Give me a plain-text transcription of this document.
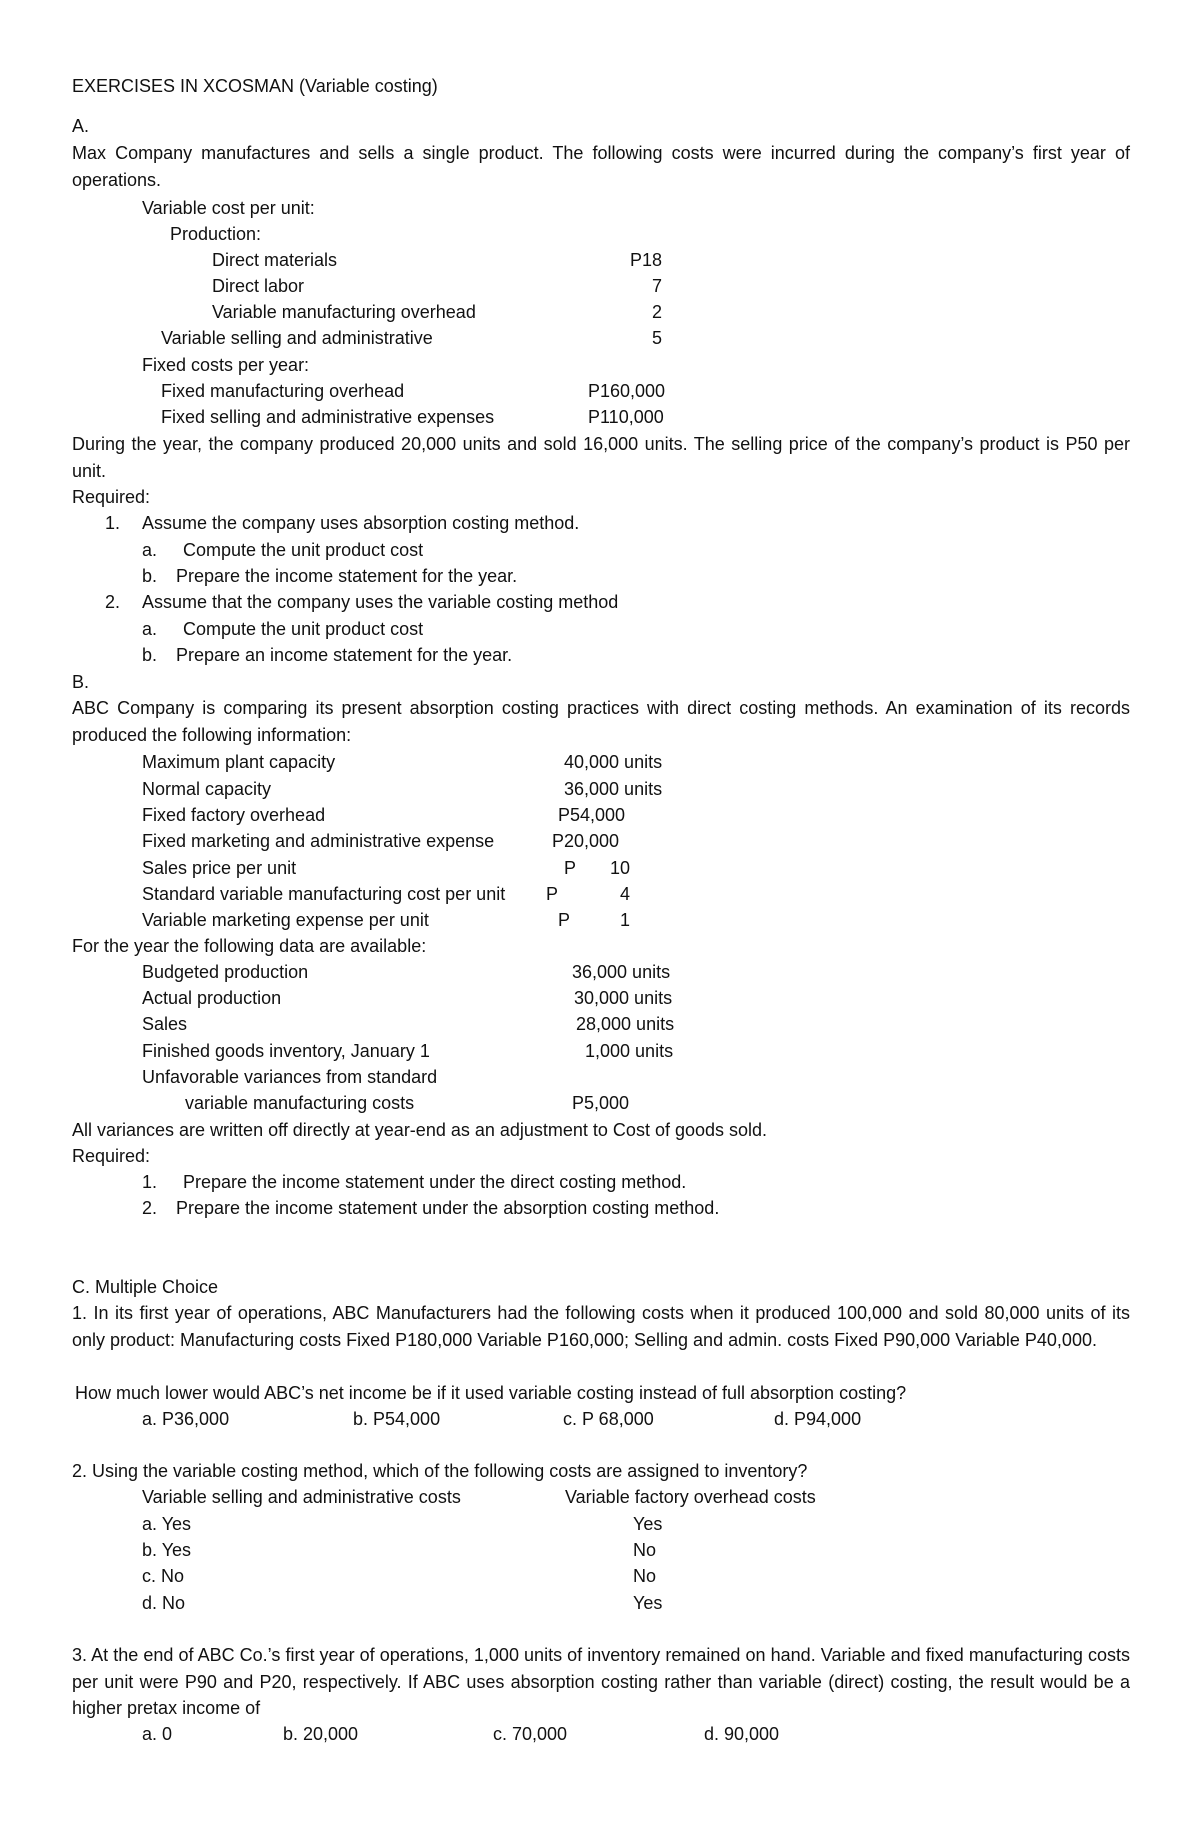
EXERCISES IN XCOSMAN (Variable costing)
A.
Max Company manufactures and sells a single product. The following costs were incurred during the company’s first year of operations.
Variable cost per unit:
Production:
Direct materials	P18
Direct labor	7
Variable manufacturing overhead	2
Variable selling and administrative	5
Fixed costs per year:
Fixed manufacturing overhead	P160,000
Fixed selling and administrative expenses	P110,000
During the year, the company produced 20,000 units and sold 16,000 units. The selling price of the company’s product is P50 per unit.
Required:
1. Assume the company uses absorption costing method.
a. Compute the unit product cost
b. Prepare the income statement for the year.
2. Assume that the company uses the variable costing method
a. Compute the unit product cost
b. Prepare an income statement for the year.
B.
ABC Company is comparing its present absorption costing practices with direct costing methods. An examination of its records produced the following information:
Maximum plant capacity	40,000 units
Normal capacity	36,000 units
Fixed factory overhead	P54,000
Fixed marketing and administrative expense	P20,000
Sales price per unit	P	10
Standard variable manufacturing cost per unit P	4
Variable marketing expense per unit	P	1
For the year the following data are available:
Budgeted production	36,000 units
Actual production	30,000 units
Sales	28,000 units
Finished goods inventory, January 1	1,000 units
Unfavorable variances from standard
variable manufacturing costs	P5,000
All variances are written off directly at year-end as an adjustment to Cost of goods sold.
Required:
1. Prepare the income statement under the direct costing method.
2. Prepare the income statement under the absorption costing method.
C. Multiple Choice
1. In its first year of operations, ABC Manufacturers had the following costs when it produced 100,000 and sold 80,000 units of its only product: Manufacturing costs Fixed P180,000 Variable P160,000; Selling and admin. costs Fixed P90,000 Variable P40,000.
How much lower would ABC’s net income be if it used variable costing instead of full absorption costing?
a. P36,000	b. P54,000	c. P 68,000	d. P94,000
2. Using the variable costing method, which of the following costs are assigned to inventory?
Variable selling and administrative costs	Variable factory overhead costs
a. Yes	Yes
b. Yes	No
c. No	No
d. No	Yes
3. At the end of ABC Co.’s first year of operations, 1,000 units of inventory remained on hand. Variable and fixed manufacturing costs per unit were P90 and P20, respectively. If ABC uses absorption costing rather than variable (direct) costing, the result would be a higher pretax income of
a. 0	b. 20,000	c. 70,000	d. 90,000
